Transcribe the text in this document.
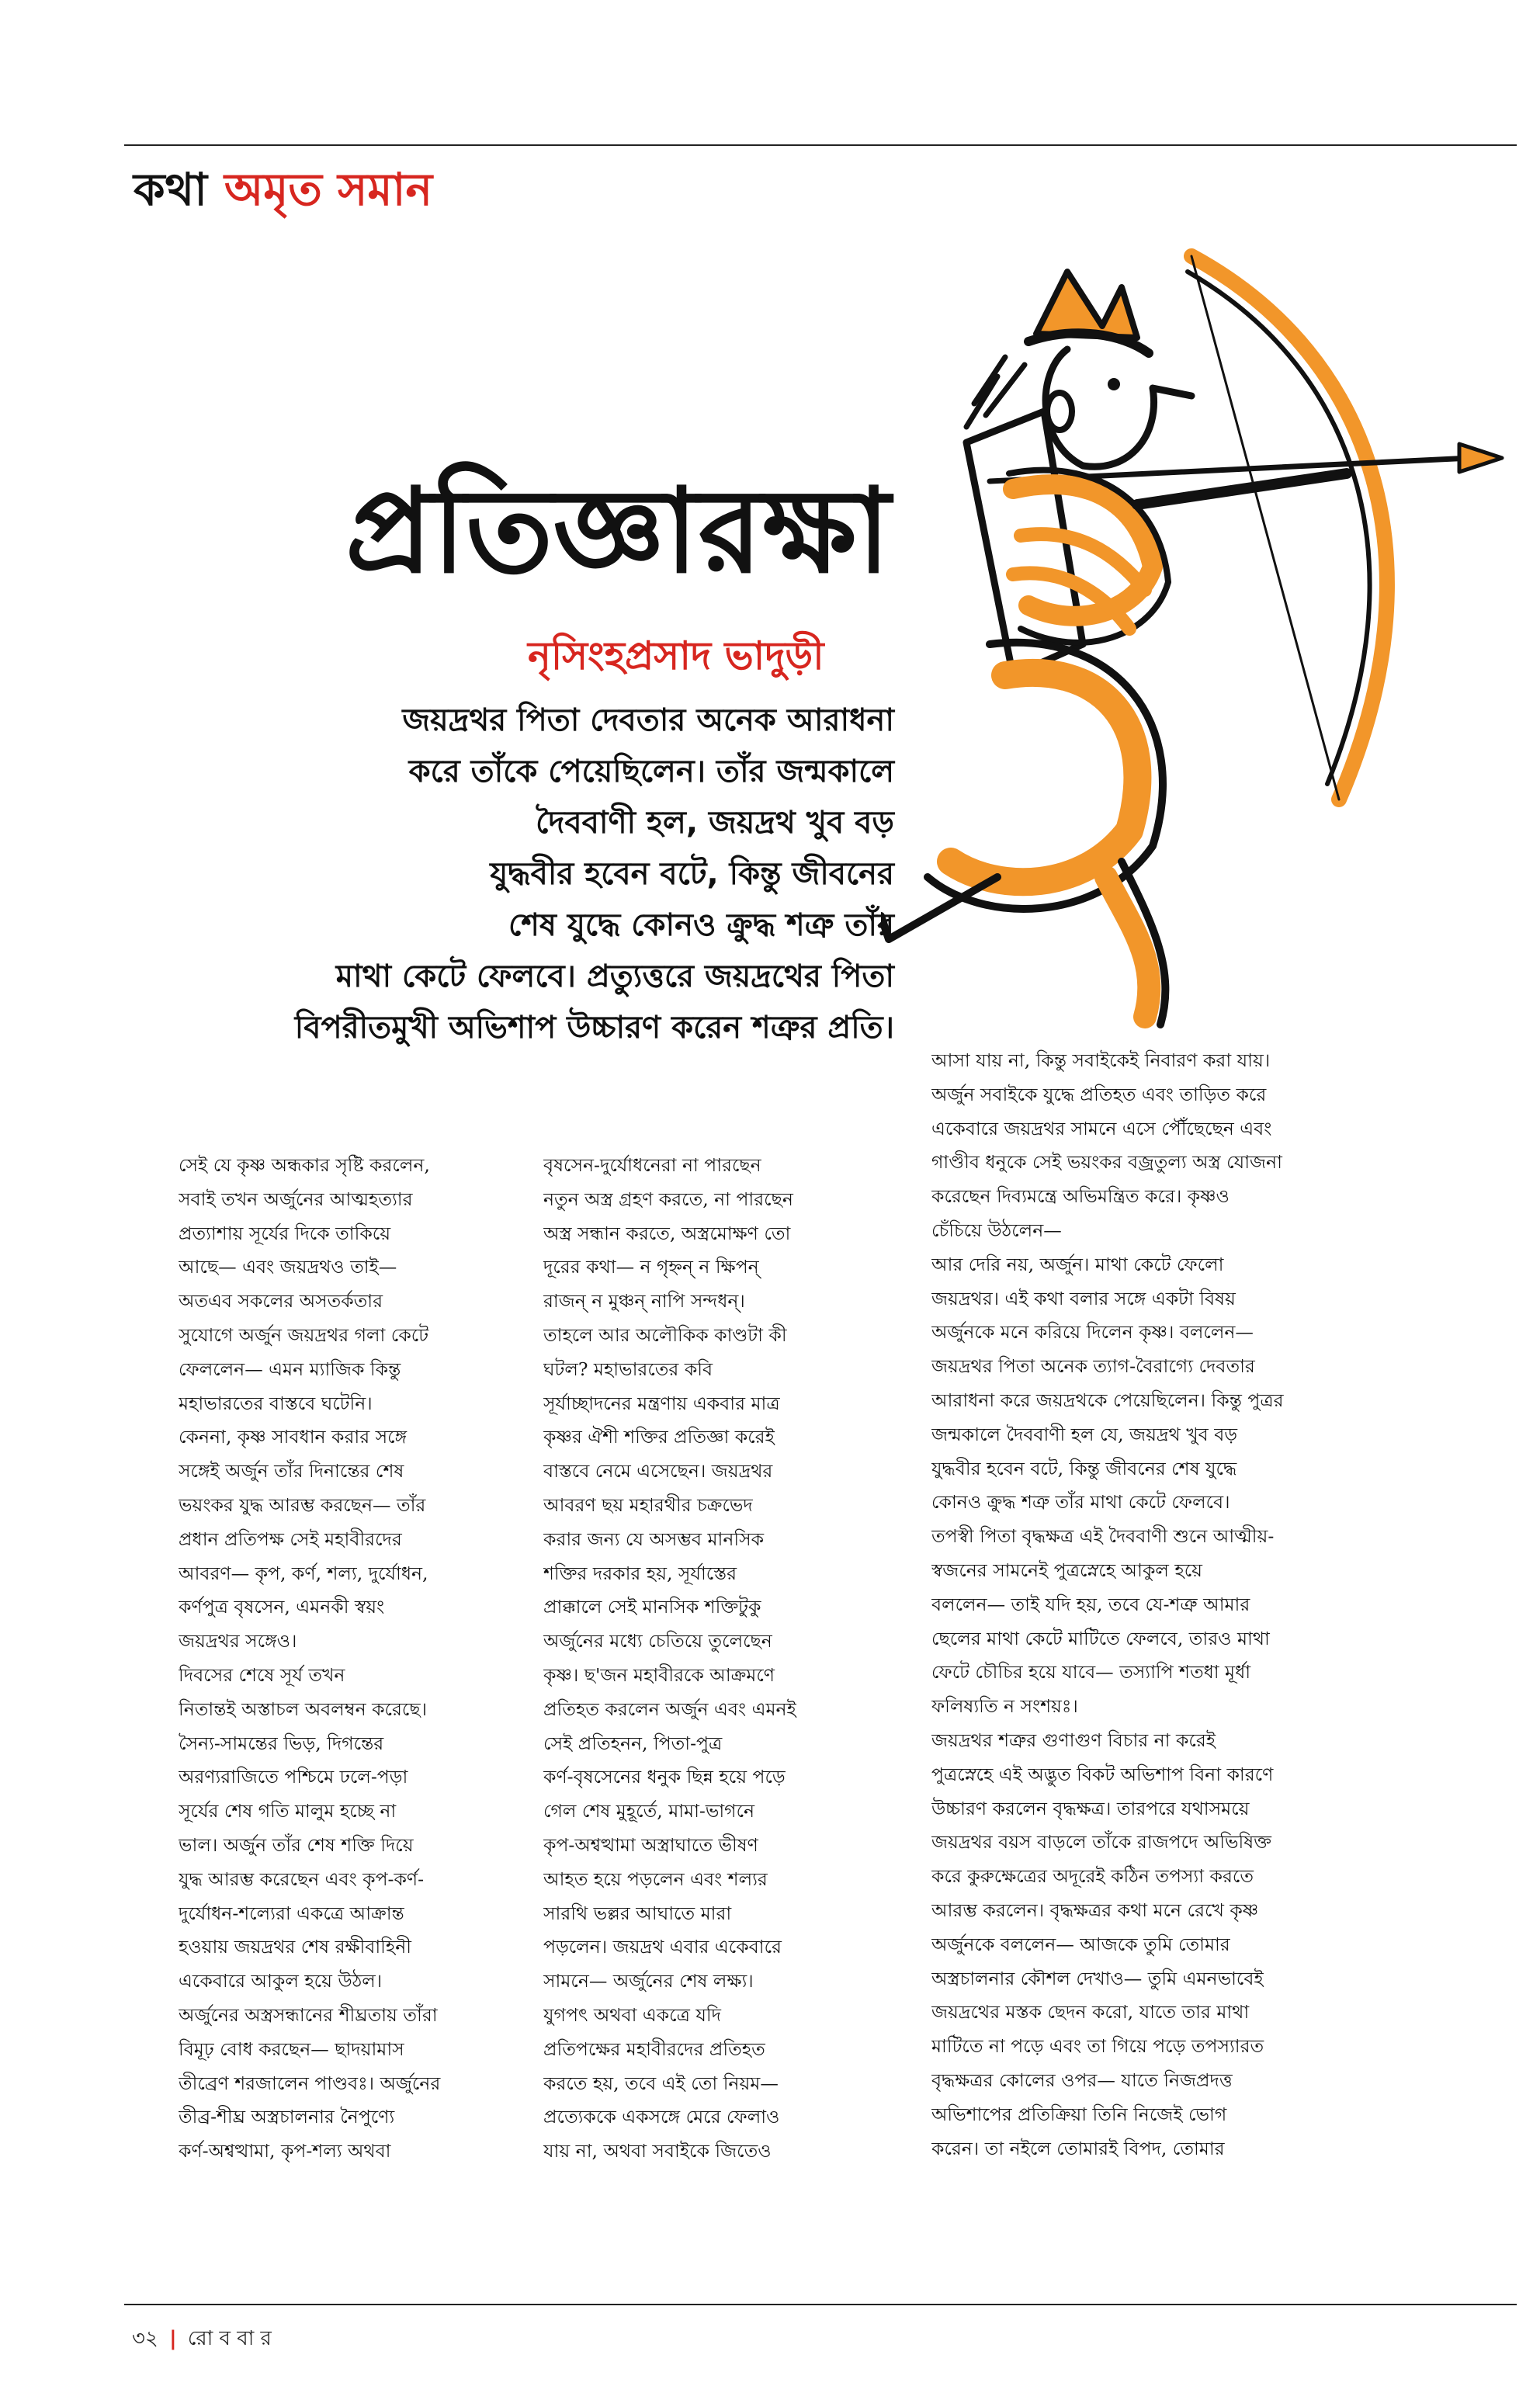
কথা অমৃত সমান
প্রতিজ্ঞারক্ষা
নৃসিংহপ্রসাদ ভাদুড়ী
জয়দ্রথর পিতা দেবতার অনেক আরাধনা
করে তাঁকে পেয়েছিলেন। তাঁর জন্মকালে
দৈববাণী হল, জয়দ্রথ খুব বড়
যুদ্ধবীর হবেন বটে, কিন্তু জীবনের
শেষ যুদ্ধে কোনও ক্রুদ্ধ শত্রু তাঁর
মাথা কেটে ফেলবে। প্রত্যুত্তরে জয়দ্রথের পিতা
বিপরীতমুখী অভিশাপ উচ্চারণ করেন শত্রুর প্রতি।
সেই যে কৃষ্ণ অন্ধকার সৃষ্টি করলেন,
সবাই তখন অর্জুনের আত্মহত্যার
প্রত্যাশায় সূর্যের দিকে তাকিয়ে
আছে— এবং জয়দ্রথও তাই—
অতএব সকলের অসতর্কতার
সুযোগে অর্জুন জয়দ্রথর গলা কেটে
ফেললেন— এমন ম্যাজিক কিন্তু
মহাভারতের বাস্তবে ঘটেনি।
কেননা, কৃষ্ণ সাবধান করার সঙ্গে
সঙ্গেই অর্জুন তাঁর দিনান্তের শেষ
ভয়ংকর যুদ্ধ আরম্ভ করছেন— তাঁর
প্রধান প্রতিপক্ষ সেই মহাবীরদের
আবরণ— কৃপ, কর্ণ, শল্য, দুর্যোধন,
কর্ণপুত্র বৃষসেন, এমনকী স্বয়ং
জয়দ্রথর সঙ্গেও।
দিবসের শেষে সূর্য তখন
নিতান্তই অস্তাচল অবলম্বন করেছে।
সৈন্য-সামন্তের ভিড়, দিগন্তের
অরণ্যরাজিতে পশ্চিমে ঢলে-পড়া
সূর্যের শেষ গতি মালুম হচ্ছে না
ভাল। অর্জুন তাঁর শেষ শক্তি দিয়ে
যুদ্ধ আরম্ভ করেছেন এবং কৃপ-কর্ণ-
দুর্যোধন-শল্যেরা একত্রে আক্রান্ত
হওয়ায় জয়দ্রথর শেষ রক্ষীবাহিনী
একেবারে আকুল হয়ে উঠল।
অর্জুনের অস্ত্রসন্ধানের শীঘ্রতায় তাঁরা
বিমূঢ় বোধ করছেন— ছাদয়ামাস
তীব্রেণ শরজালেন পাণ্ডবঃ। অর্জুনের
তীব্র-শীঘ্র অস্ত্রচালনার নৈপুণ্যে
কর্ণ-অশ্বত্থামা, কৃপ-শল্য অথবা
বৃষসেন-দুর্যোধনেরা না পারছেন
নতুন অস্ত্র গ্রহণ করতে, না পারছেন
অস্ত্র সন্ধান করতে, অস্ত্রমোক্ষণ তো
দূরের কথা— ন গৃহ্নন্‌ ন ক্ষিপন্‌
রাজন্‌ ন মুঞ্চন্‌ নাপি সন্দধন্‌।
তাহলে আর অলৌকিক কাণ্ডটা কী
ঘটল? মহাভারতের কবি
সূর্যাচ্ছাদনের মন্ত্রণায় একবার মাত্র
কৃষ্ণর ঐশী শক্তির প্রতিজ্ঞা করেই
বাস্তবে নেমে এসেছেন। জয়দ্রথর
আবরণ ছয় মহারথীর চক্রভেদ
করার জন্য যে অসম্ভব মানসিক
শক্তির দরকার হয়, সূর্যাস্তের
প্রাক্কালে সেই মানসিক শক্তিটুকু
অর্জুনের মধ্যে চেতিয়ে তুলেছেন
কৃষ্ণ। ছ'জন মহাবীরকে আক্রমণে
প্রতিহত করলেন অর্জুন এবং এমনই
সেই প্রতিহনন, পিতা-পুত্র
কর্ণ-বৃষসেনের ধনুক ছিন্ন হয়ে পড়ে
গেল শেষ মুহূর্তে, মামা-ভাগনে
কৃপ-অশ্বত্থামা অস্ত্রাঘাতে ভীষণ
আহত হয়ে পড়লেন এবং শল্যর
সারথি ভল্লর আঘাতে মারা
পড়লেন। জয়দ্রথ এবার একেবারে
সামনে— অর্জুনের শেষ লক্ষ্য।
যুগপৎ অথবা একত্রে যদি
প্রতিপক্ষের মহাবীরদের প্রতিহত
করতে হয়, তবে এই তো নিয়ম—
প্রত্যেককে একসঙ্গে মেরে ফেলাও
যায় না, অথবা সবাইকে জিতেও
আসা যায় না, কিন্তু সবাইকেই নিবারণ করা যায়।
অর্জুন সবাইকে যুদ্ধে প্রতিহত এবং তাড়িত করে
একেবারে জয়দ্রথর সামনে এসে পৌঁছেছেন এবং
গাণ্ডীব ধনুকে সেই ভয়ংকর বজ্রতুল্য অস্ত্র যোজনা
করেছেন দিব্যমন্ত্রে অভিমন্ত্রিত করে। কৃষ্ণও
চেঁচিয়ে উঠলেন—
আর দেরি নয়, অর্জুন। মাথা কেটে ফেলো
জয়দ্রথর। এই কথা বলার সঙ্গে একটা বিষয়
অর্জুনকে মনে করিয়ে দিলেন কৃষ্ণ। বললেন—
জয়দ্রথর পিতা অনেক ত্যাগ-বৈরাগ্যে দেবতার
আরাধনা করে জয়দ্রথকে পেয়েছিলেন। কিন্তু পুত্রর
জন্মকালে দৈববাণী হল যে, জয়দ্রথ খুব বড়
যুদ্ধবীর হবেন বটে, কিন্তু জীবনের শেষ যুদ্ধে
কোনও ক্রুদ্ধ শত্রু তাঁর মাথা কেটে ফেলবে।
তপস্বী পিতা বৃদ্ধক্ষত্র এই দৈববাণী শুনে আত্মীয়-
স্বজনের সামনেই পুত্রস্নেহে আকুল হয়ে
বললেন— তাই যদি হয়, তবে যে-শত্রু আমার
ছেলের মাথা কেটে মাটিতে ফেলবে, তারও মাথা
ফেটে চৌচির হয়ে যাবে— তস্যাপি শতধা মূর্ধা
ফলিষ্যতি ন সংশয়ঃ।
জয়দ্রথর শত্রুর গুণাগুণ বিচার না করেই
পুত্রস্নেহে এই অদ্ভুত বিকট অভিশাপ বিনা কারণে
উচ্চারণ করলেন বৃদ্ধক্ষত্র। তারপরে যথাসময়ে
জয়দ্রথর বয়স বাড়লে তাঁকে রাজপদে অভিষিক্ত
করে কুরুক্ষেত্রের অদূরেই কঠিন তপস্যা করতে
আরম্ভ করলেন। বৃদ্ধক্ষত্রর কথা মনে রেখে কৃষ্ণ
অর্জুনকে বললেন— আজকে তুমি তোমার
অস্ত্রচালনার কৌশল দেখাও— তুমি এমনভাবেই
জয়দ্রথের মস্তক ছেদন করো, যাতে তার মাথা
মাটিতে না পড়ে এবং তা গিয়ে পড়ে তপস্যারত
বৃদ্ধক্ষত্রর কোলের ওপর— যাতে নিজপ্রদত্ত
অভিশাপের প্রতিক্রিয়া তিনি নিজেই ভোগ
করেন। তা নইলে তোমারই বিপদ, তোমার
৩২ | রো ব বা র
